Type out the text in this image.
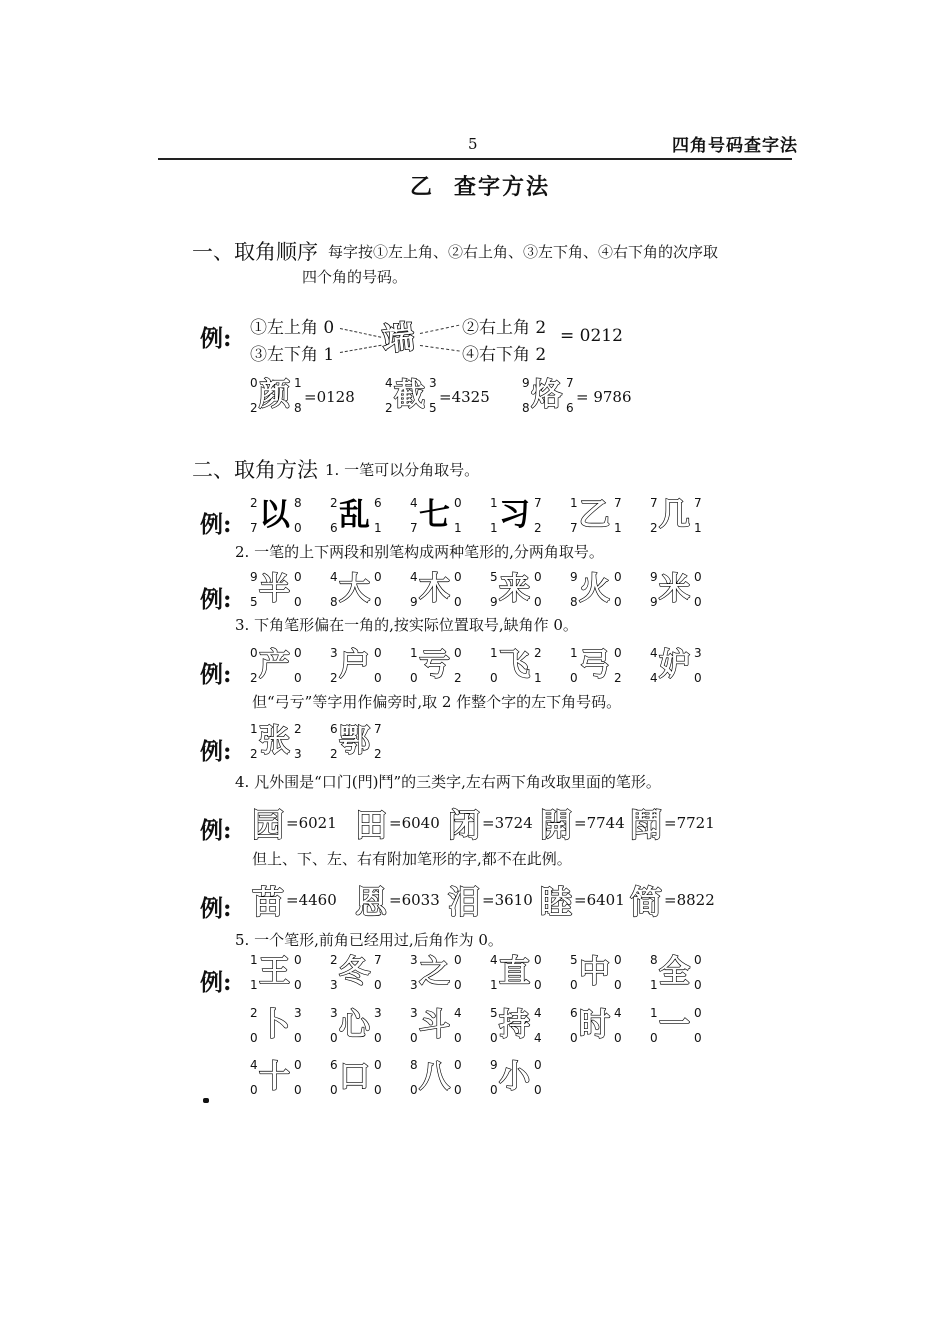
5	四角号码查字法
乙 查字方法
一、取角顺序 每字按①左上角、②右上角、③左下角、④右下角的次序取
四个角的号码。
例: ①左上角 0
③左下角 1 端	②右上角 2
④右下角 2
= 0212
颜
0
2
1
8
=0128 截
4
2
3
5
=4325 烙
9
8
7
6
= 9786
二、取角方法 1. 一笔可以分角取号。
例: 以
2
7
8
0 乱
2
6
6
1 七
4
7
0
1 习
1
1
7
2 乙
1
7
7
1 几
7
2
7
1
2. 一笔的上下两段和别笔构成两种笔形的,分两角取号。
例: 半
9
5
0
0 大
4
8
0
0 木
4
9
0
0 来
5
9
0
0 火
9
8
0
0 米
9
9
0
0
3. 下角笔形偏在一角的,按实际位置取号,缺角作 0。
例: 产
0
2
0
0 户
3
2
0
0 亏
1
0
0
2 飞
1
0
2
1 弓
1
0
0
2 妒
4
4
3
0
但“弓亏”等字用作偏旁时,取 2 作整个字的左下角号码。
例: 张
1
2
2
3 鄂
6
2
7
2
4. 凡外围是“口门(門)鬥”的三类字,左右两下角改取里面的笔形。
例: 园 =6021 田 =6040 闭 =3724 開 =7744 鬦 =7721
但上、下、左、右有附加笔形的字,都不在此例。
例: 苗 =4460 恩 =6033 泪 =3610 睦 =6401 简 =8822
5. 一个笔形,前角已经用过,后角作为 0。
例: 王
1
1
0
0 冬
2
3
7
0 之
3
3
0
0 直
4
1
0
0 中
5
0
0
0 全
8
1
0
0
卜
2
0
3
0 心
3
0
3
0 斗
3
0
4
0 持
5
0
4
4 时
6
0
4
0 一
1
0
0
0
十
4
0
0
0 口
6
0
0
0 八
8
0
0
0 小
9
0
0
0
